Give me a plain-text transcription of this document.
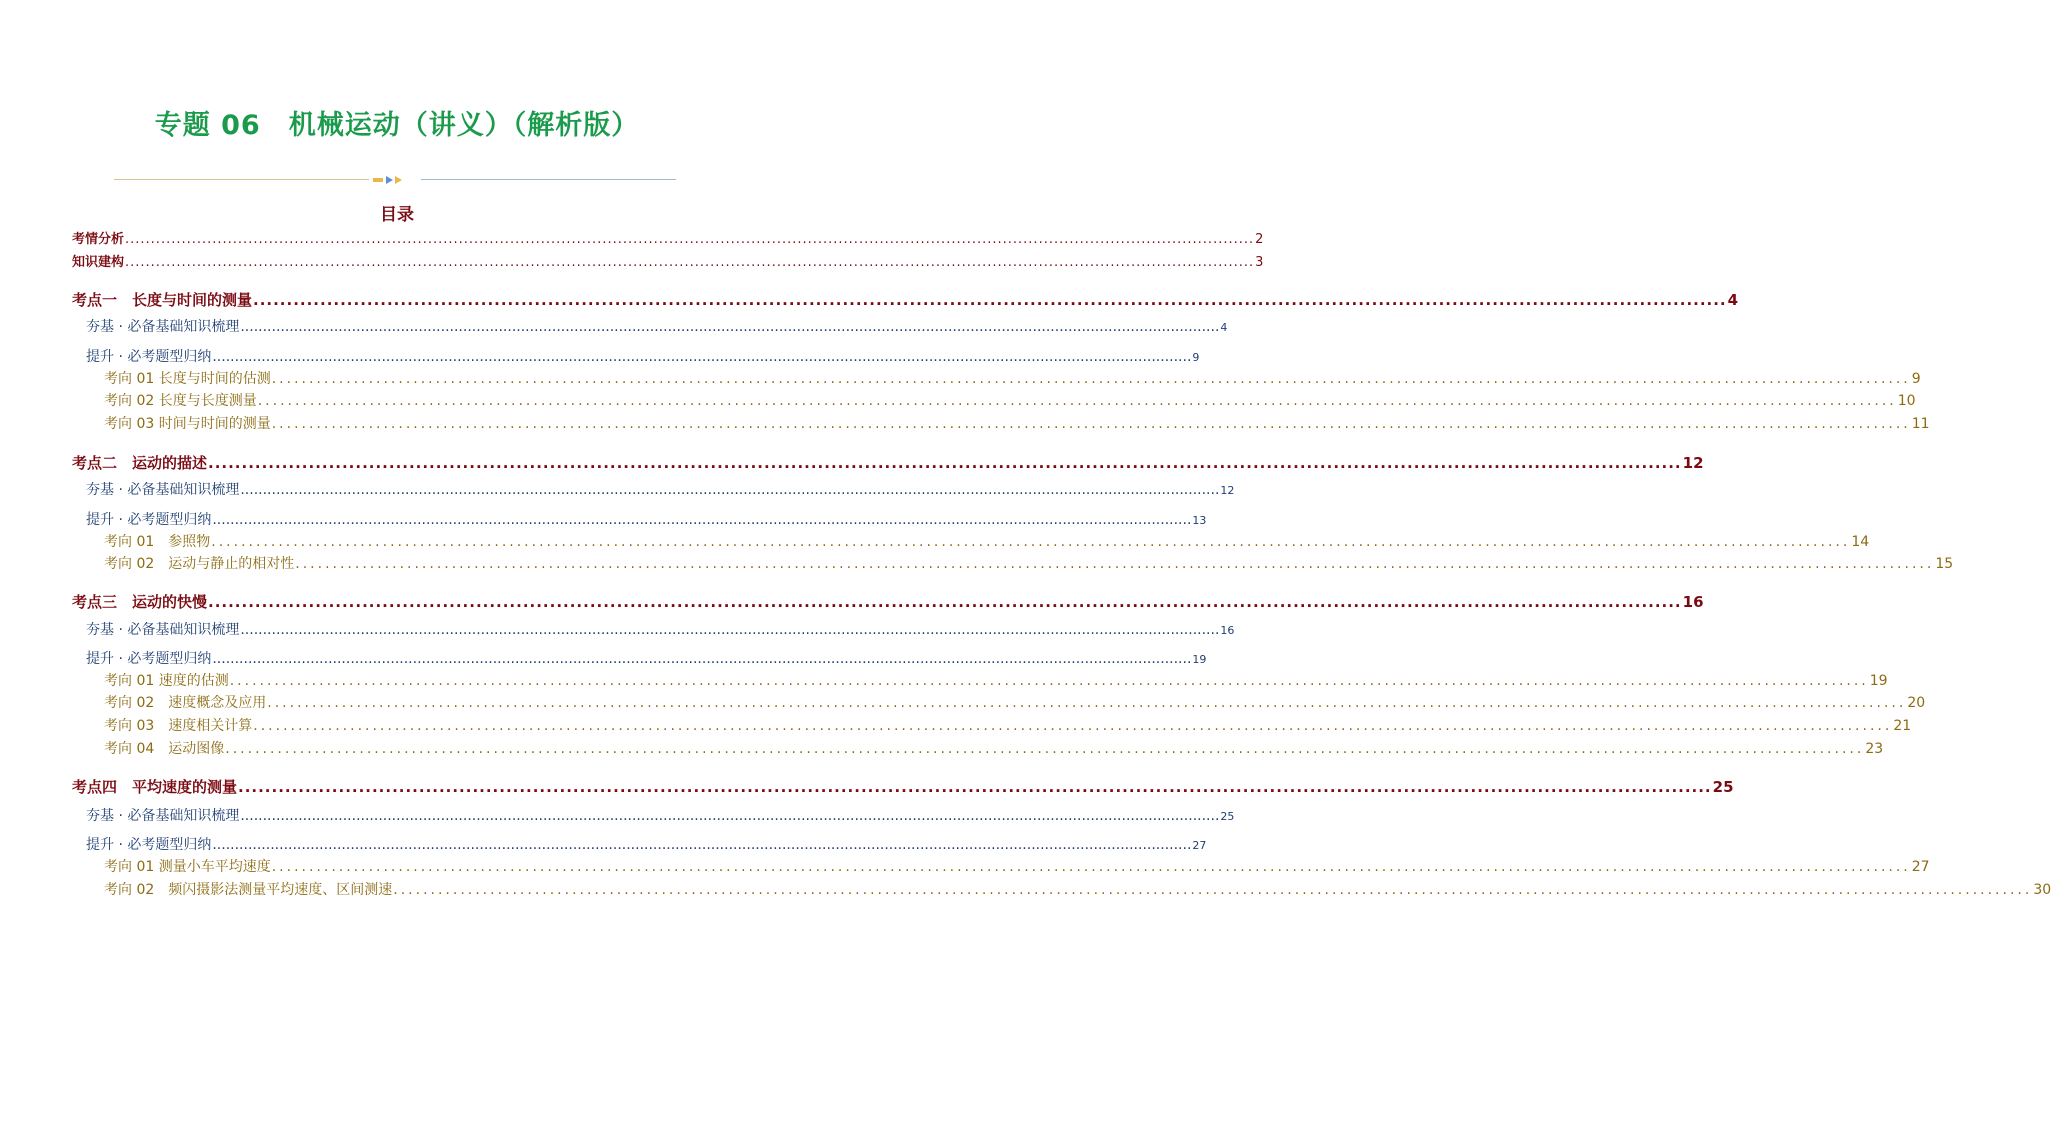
专题 06　机械运动（讲义）（解析版）
目录
考情分析 ............................................................................................................................................................................................................................ 2
知识建构 ............................................................................................................................................................................................................................ 3
考点一　长度与时间的测量 ............................................................................................................................................................................................................................ 4
夯基 · 必备基础知识梳理 ............................................................................................................................................................................................................................ 4
提升 · 必考题型归纳 ............................................................................................................................................................................................................................ 9
考向 01 长度与时间的估测 ............................................................................................................................................................................................................................ 9
考向 02 长度与长度测量 ............................................................................................................................................................................................................................ 10
考向 03 时间与时间的测量 ............................................................................................................................................................................................................................ 11
考点二　运动的描述 ............................................................................................................................................................................................................................ 12
夯基 · 必备基础知识梳理 ............................................................................................................................................................................................................................ 12
提升 · 必考题型归纳 ............................................................................................................................................................................................................................ 13
考向 01　参照物 ............................................................................................................................................................................................................................ 14
考向 02　运动与静止的相对性 ............................................................................................................................................................................................................................ 15
考点三　运动的快慢 ............................................................................................................................................................................................................................ 16
夯基 · 必备基础知识梳理 ............................................................................................................................................................................................................................ 16
提升 · 必考题型归纳 ............................................................................................................................................................................................................................ 19
考向 01 速度的估测 ............................................................................................................................................................................................................................ 19
考向 02　速度概念及应用 ............................................................................................................................................................................................................................ 20
考向 03　速度相关计算 ............................................................................................................................................................................................................................ 21
考向 04　运动图像 ............................................................................................................................................................................................................................ 23
考点四　平均速度的测量 ............................................................................................................................................................................................................................ 25
夯基 · 必备基础知识梳理 ............................................................................................................................................................................................................................ 25
提升 · 必考题型归纳 ............................................................................................................................................................................................................................ 27
考向 01 测量小车平均速度 ............................................................................................................................................................................................................................ 27
考向 02　频闪摄影法测量平均速度、区间测速 ............................................................................................................................................................................................................................ 30
